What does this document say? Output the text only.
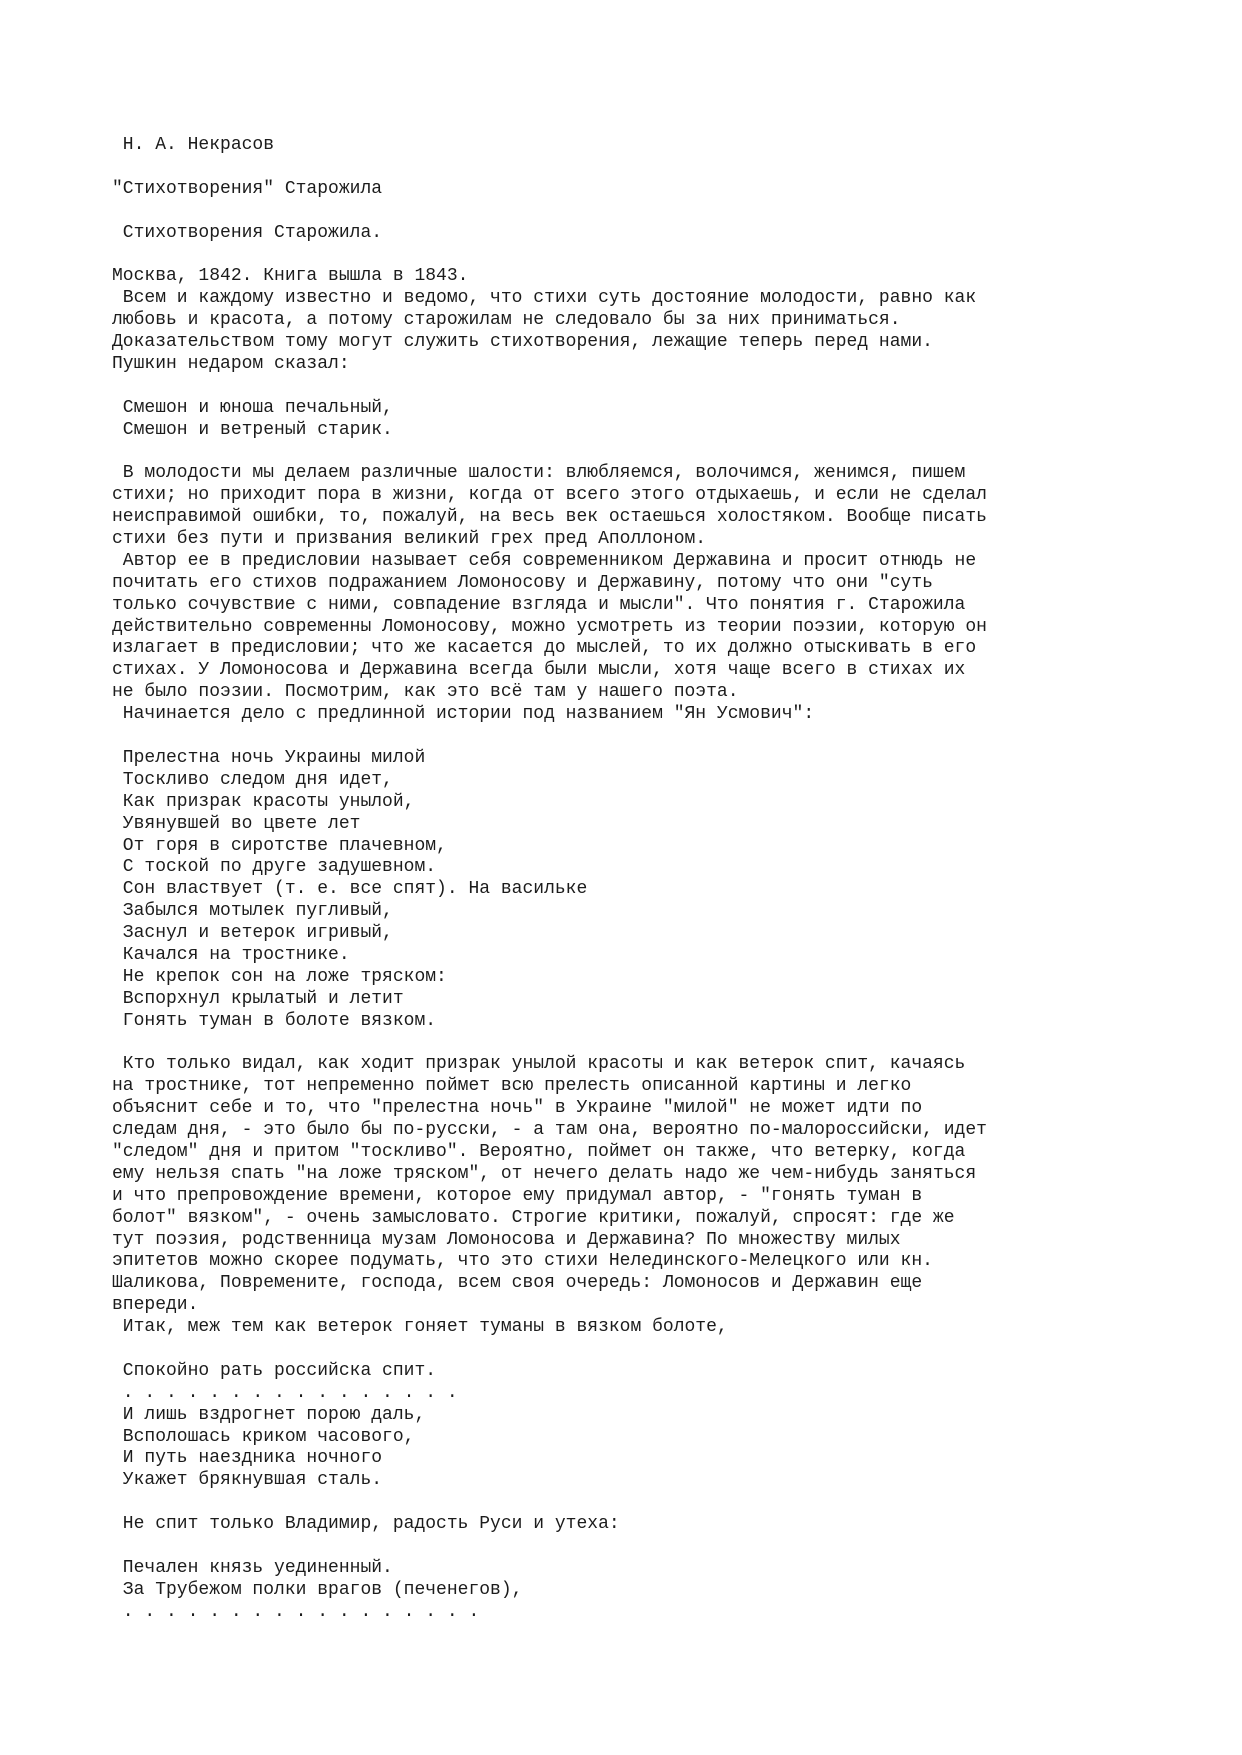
Н. А. Некрасов

"Стихотворения" Старожила

Стихотворения Старожила.

Москва, 1842. Книга вышла в 1843.
Всем и каждому известно и ведомо, что стихи суть достояние молодости, равно как
любовь и красота, а потому старожилам не следовало бы за них приниматься.
Доказательством тому могут служить стихотворения, лежащие теперь перед нами.
Пушкин недаром сказал:

Смешон и юноша печальный,
Смешон и ветреный старик.

В молодости мы делаем различные шалости: влюбляемся, волочимся, женимся, пишем
стихи; но приходит пора в жизни, когда от всего этого отдыхаешь, и если не сделал
неисправимой ошибки, то, пожалуй, на весь век остаешься холостяком. Вообще писать
стихи без пути и призвания великий грех пред Аполлоном.
Автор ее в предисловии называет себя современником Державина и просит отнюдь не
почитать его стихов подражанием Ломоносову и Державину, потому что они "суть
только сочувствие с ними, совпадение взгляда и мысли". Что понятия г. Старожила
действительно современны Ломоносову, можно усмотреть из теории поэзии, которую он
излагает в предисловии; что же касается до мыслей, то их должно отыскивать в его
стихах. У Ломоносова и Державина всегда были мысли, хотя чаще всего в стихах их
не было поэзии. Посмотрим, как это всё там у нашего поэта.
Начинается дело с предлинной истории под названием "Ян Усмович":

Прелестна ночь Украины милой
Тоскливо следом дня идет,
Как призрак красоты унылой,
Увянувшей во цвете лет
От горя в сиротстве плачевном,
С тоской по друге задушевном.
Сон властвует (т. е. все спят). На васильке
Забылся мотылек пугливый,
Заснул и ветерок игривый,
Качался на тростнике.
Не крепок сон на ложе тряском:
Вспорхнул крылатый и летит
Гонять туман в болоте вязком.

Кто только видал, как ходит призрак унылой красоты и как ветерок спит, качаясь
на тростнике, тот непременно поймет всю прелесть описанной картины и легко
объяснит себе и то, что "прелестна ночь" в Украине "милой" не может идти по
следам дня, - это было бы по-русски, - а там она, вероятно по-малороссийски, идет
"следом" дня и притом "тоскливо". Вероятно, поймет он также, что ветерку, когда
ему нельзя спать "на ложе тряском", от нечего делать надо же чем-нибудь заняться
и что препровождение времени, которое ему придумал автор, - "гонять туман в
болот" вязком", - очень замысловато. Строгие критики, пожалуй, спросят: где же
тут поэзия, родственница музам Ломоносова и Державина? По множеству милых
эпитетов можно скорее подумать, что это стихи Нелединского-Мелецкого или кн.
Шаликова, Повремените, господа, всем своя очередь: Ломоносов и Державин еще
впереди.
Итак, меж тем как ветерок гоняет туманы в вязком болоте,

Спокойно рать российска спит.
. . . . . . . . . . . . . . . .
И лишь вздрогнет порою даль,
Всполошась криком часового,
И путь наездника ночного
Укажет брякнувшая сталь.

Не спит только Владимир, радость Руси и утеха:

Печален князь уединенный.
За Трубежом полки врагов (печенегов),
. . . . . . . . . . . . . . . . .
